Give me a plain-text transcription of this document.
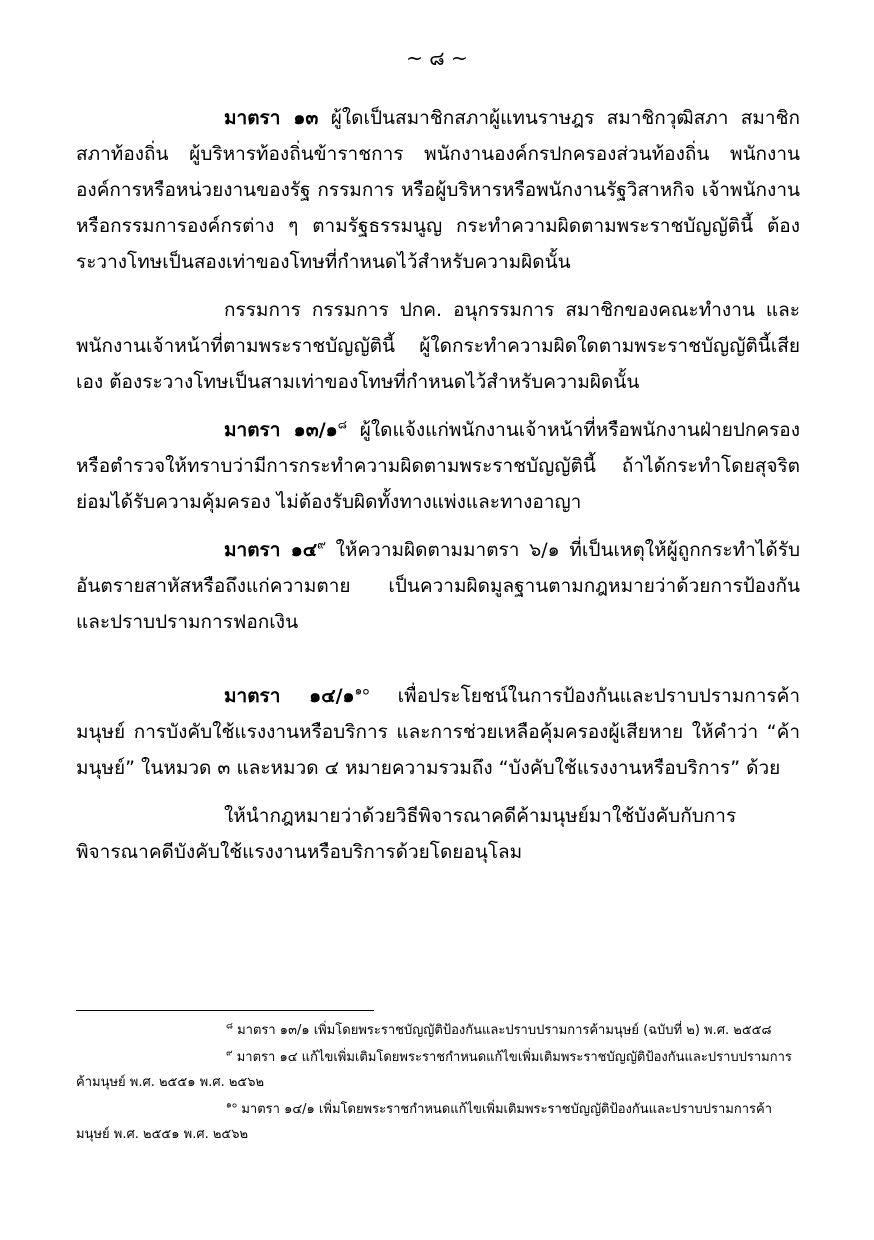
~ ๘ ~

มาตรา ๑๓ ผู้ใดเป็นสมาชิกสภาผู้แทนราษฎร สมาชิกวุฒิสภา สมาชิกสภาท้องถิ่น ผู้บริหารท้องถิ่นข้าราชการ พนักงานองค์กรปกครองส่วนท้องถิ่น พนักงานองค์การหรือหน่วยงานของรัฐ กรรมการ หรือผู้บริหารหรือพนักงานรัฐวิสาหกิจ เจ้าพนักงาน หรือกรรมการองค์กรต่าง ๆ ตามรัฐธรรมนูญ กระทำความผิดตามพระราชบัญญัตินี้ ต้องระวางโทษเป็นสองเท่าของโทษที่กำหนดไว้สำหรับความผิดนั้น

กรรมการ กรรมการ ปกค. อนุกรรมการ สมาชิกของคณะทำงาน และพนักงานเจ้าหน้าที่ตามพระราชบัญญัตินี้ ผู้ใดกระทำความผิดใดตามพระราชบัญญัตินี้เสียเอง ต้องระวางโทษเป็นสามเท่าของโทษที่กำหนดไว้สำหรับความผิดนั้น

มาตรา ๑๓/๑$^๘$ ผู้ใดแจ้งแก่พนักงานเจ้าหน้าที่หรือพนักงานฝ่ายปกครองหรือตำรวจให้ทราบว่ามีการกระทำความผิดตามพระราชบัญญัตินี้ ถ้าได้กระทำโดยสุจริตย่อมได้รับความคุ้มครอง ไม่ต้องรับผิดทั้งทางแพ่งและทางอาญา

มาตรา ๑๔$^๙$ ให้ความผิดตามมาตรา ๖/๑ ที่เป็นเหตุให้ผู้ถูกกระทำได้รับอันตรายสาหัสหรือถึงแก่ความตาย เป็นความผิดมูลฐานตามกฎหมายว่าด้วยการป้องกันและปราบปรามการฟอกเงิน

มาตรา ๑๔/๑$^{๑๐}$ เพื่อประโยชน์ในการป้องกันและปราบปรามการค้ามนุษย์ การบังคับใช้แรงงานหรือบริการ และการช่วยเหลือคุ้มครองผู้เสียหาย ให้คำว่า “ค้ามนุษย์” ในหมวด ๓ และหมวด ๔ หมายความรวมถึง “บังคับใช้แรงงานหรือบริการ” ด้วย

ให้นำกฎหมายว่าด้วยวิธีพิจารณาคดีค้ามนุษย์มาใช้บังคับกับการพิจารณาคดีบังคับใช้แรงงานหรือบริการด้วยโดยอนุโลม

$^๘$ มาตรา ๑๓/๑ เพิ่มโดยพระราชบัญญัติป้องกันและปราบปรามการค้ามนุษย์ (ฉบับที่ ๒) พ.ศ. ๒๕๕๘

$^๙$ มาตรา ๑๔ แก้ไขเพิ่มเติมโดยพระราชกำหนดแก้ไขเพิ่มเติมพระราชบัญญัติป้องกันและปราบปรามการค้ามนุษย์ พ.ศ. ๒๕๕๑ พ.ศ. ๒๕๖๒

$^{๑๐}$ มาตรา ๑๔/๑ เพิ่มโดยพระราชกำหนดแก้ไขเพิ่มเติมพระราชบัญญัติป้องกันและปราบปรามการค้ามนุษย์ พ.ศ. ๒๕๕๑ พ.ศ. ๒๕๖๒
